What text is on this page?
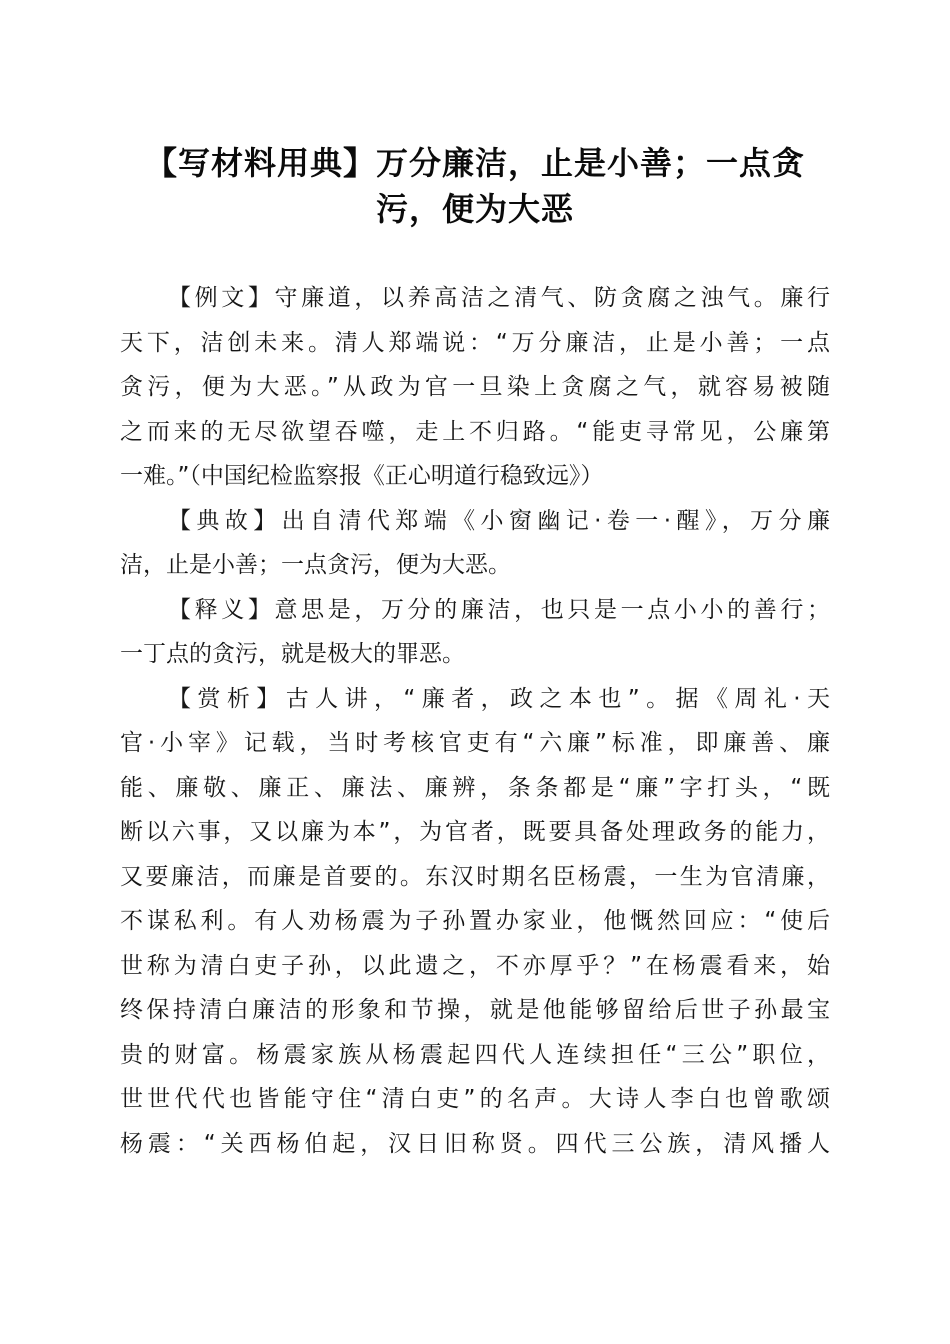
【写材料用典】万分廉洁，止是小善；一点贪
污，便为大恶
【例文】守廉道，以养高洁之清气、防贪腐之浊气。廉行
天下，洁创未来。清人郑端说：“万分廉洁，止是小善；一点
贪污，便为大恶。”从政为官一旦染上贪腐之气，就容易被随
之而来的无尽欲望吞噬，走上不归路。“能吏寻常见，公廉第
一难。”（中国纪检监察报《正心明道行稳致远》）
【典故】出自清代郑端《小窗幽记·卷一·醒》，万分廉
洁，止是小善；一点贪污，便为大恶。
【释义】意思是，万分的廉洁，也只是一点小小的善行；
一丁点的贪污，就是极大的罪恶。
【赏析】古人讲，“廉者，政之本也”。据《周礼·天
官·小宰》记载，当时考核官吏有“六廉”标准，即廉善、廉
能、廉敬、廉正、廉法、廉辨，条条都是“廉”字打头，“既
断以六事，又以廉为本”，为官者，既要具备处理政务的能力，
又要廉洁，而廉是首要的。东汉时期名臣杨震，一生为官清廉，
不谋私利。有人劝杨震为子孙置办家业，他慨然回应：“使后
世称为清白吏子孙，以此遗之，不亦厚乎？”在杨震看来，始
终保持清白廉洁的形象和节操，就是他能够留给后世子孙最宝
贵的财富。杨震家族从杨震起四代人连续担任“三公”职位，
世世代代也皆能守住“清白吏”的名声。大诗人李白也曾歌颂
杨震：“关西杨伯起，汉日旧称贤。四代三公族，清风播人
